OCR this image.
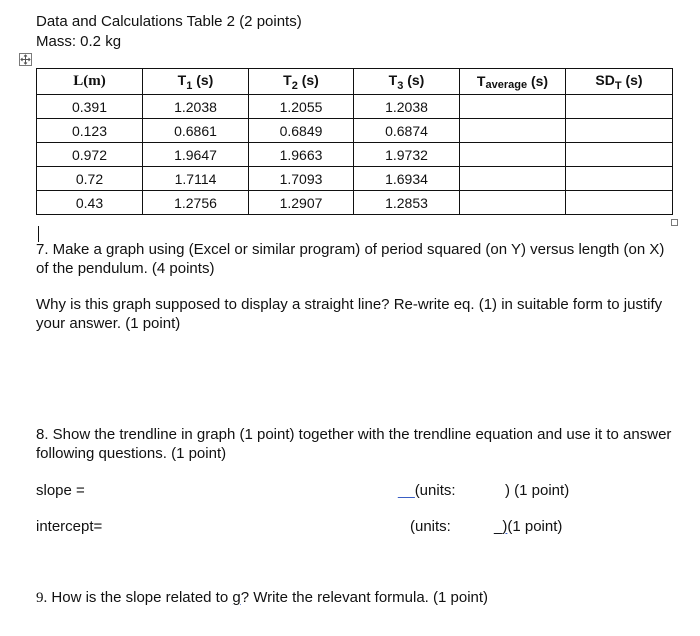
Data and Calculations Table 2 (2 points)
Mass: 0.2 kg
L(m)	$T_1$ (s)	$T_2$ (s)	$T_3$ (s)	Taverage (s)	$SD_T$ (s)
0.391	1.2038	1.2055	1.2038		
0.123	0.6861	0.6849	0.6874		
0.972	1.9647	1.9663	1.9732		
0.72	1.7114	1.7093	1.6934		
0.43	1.2756	1.2907	1.2853		
7. Make a graph using (Excel or similar program) of period squared (on Y) versus length (on X) of the pendulum. (4 points)
Why is this graph supposed to display a straight line? Re-write eq. (1) in suitable form to justify your answer. (1 point)
8. Show the trendline in graph (1 point) together with the trendline equation and use it to answer following questions. (1 point)
slope =	__(units:	) (1 point)
intercept=	(units:	_)(1 point)
9. How is the slope related to g? Write the relevant formula. (1 point)
